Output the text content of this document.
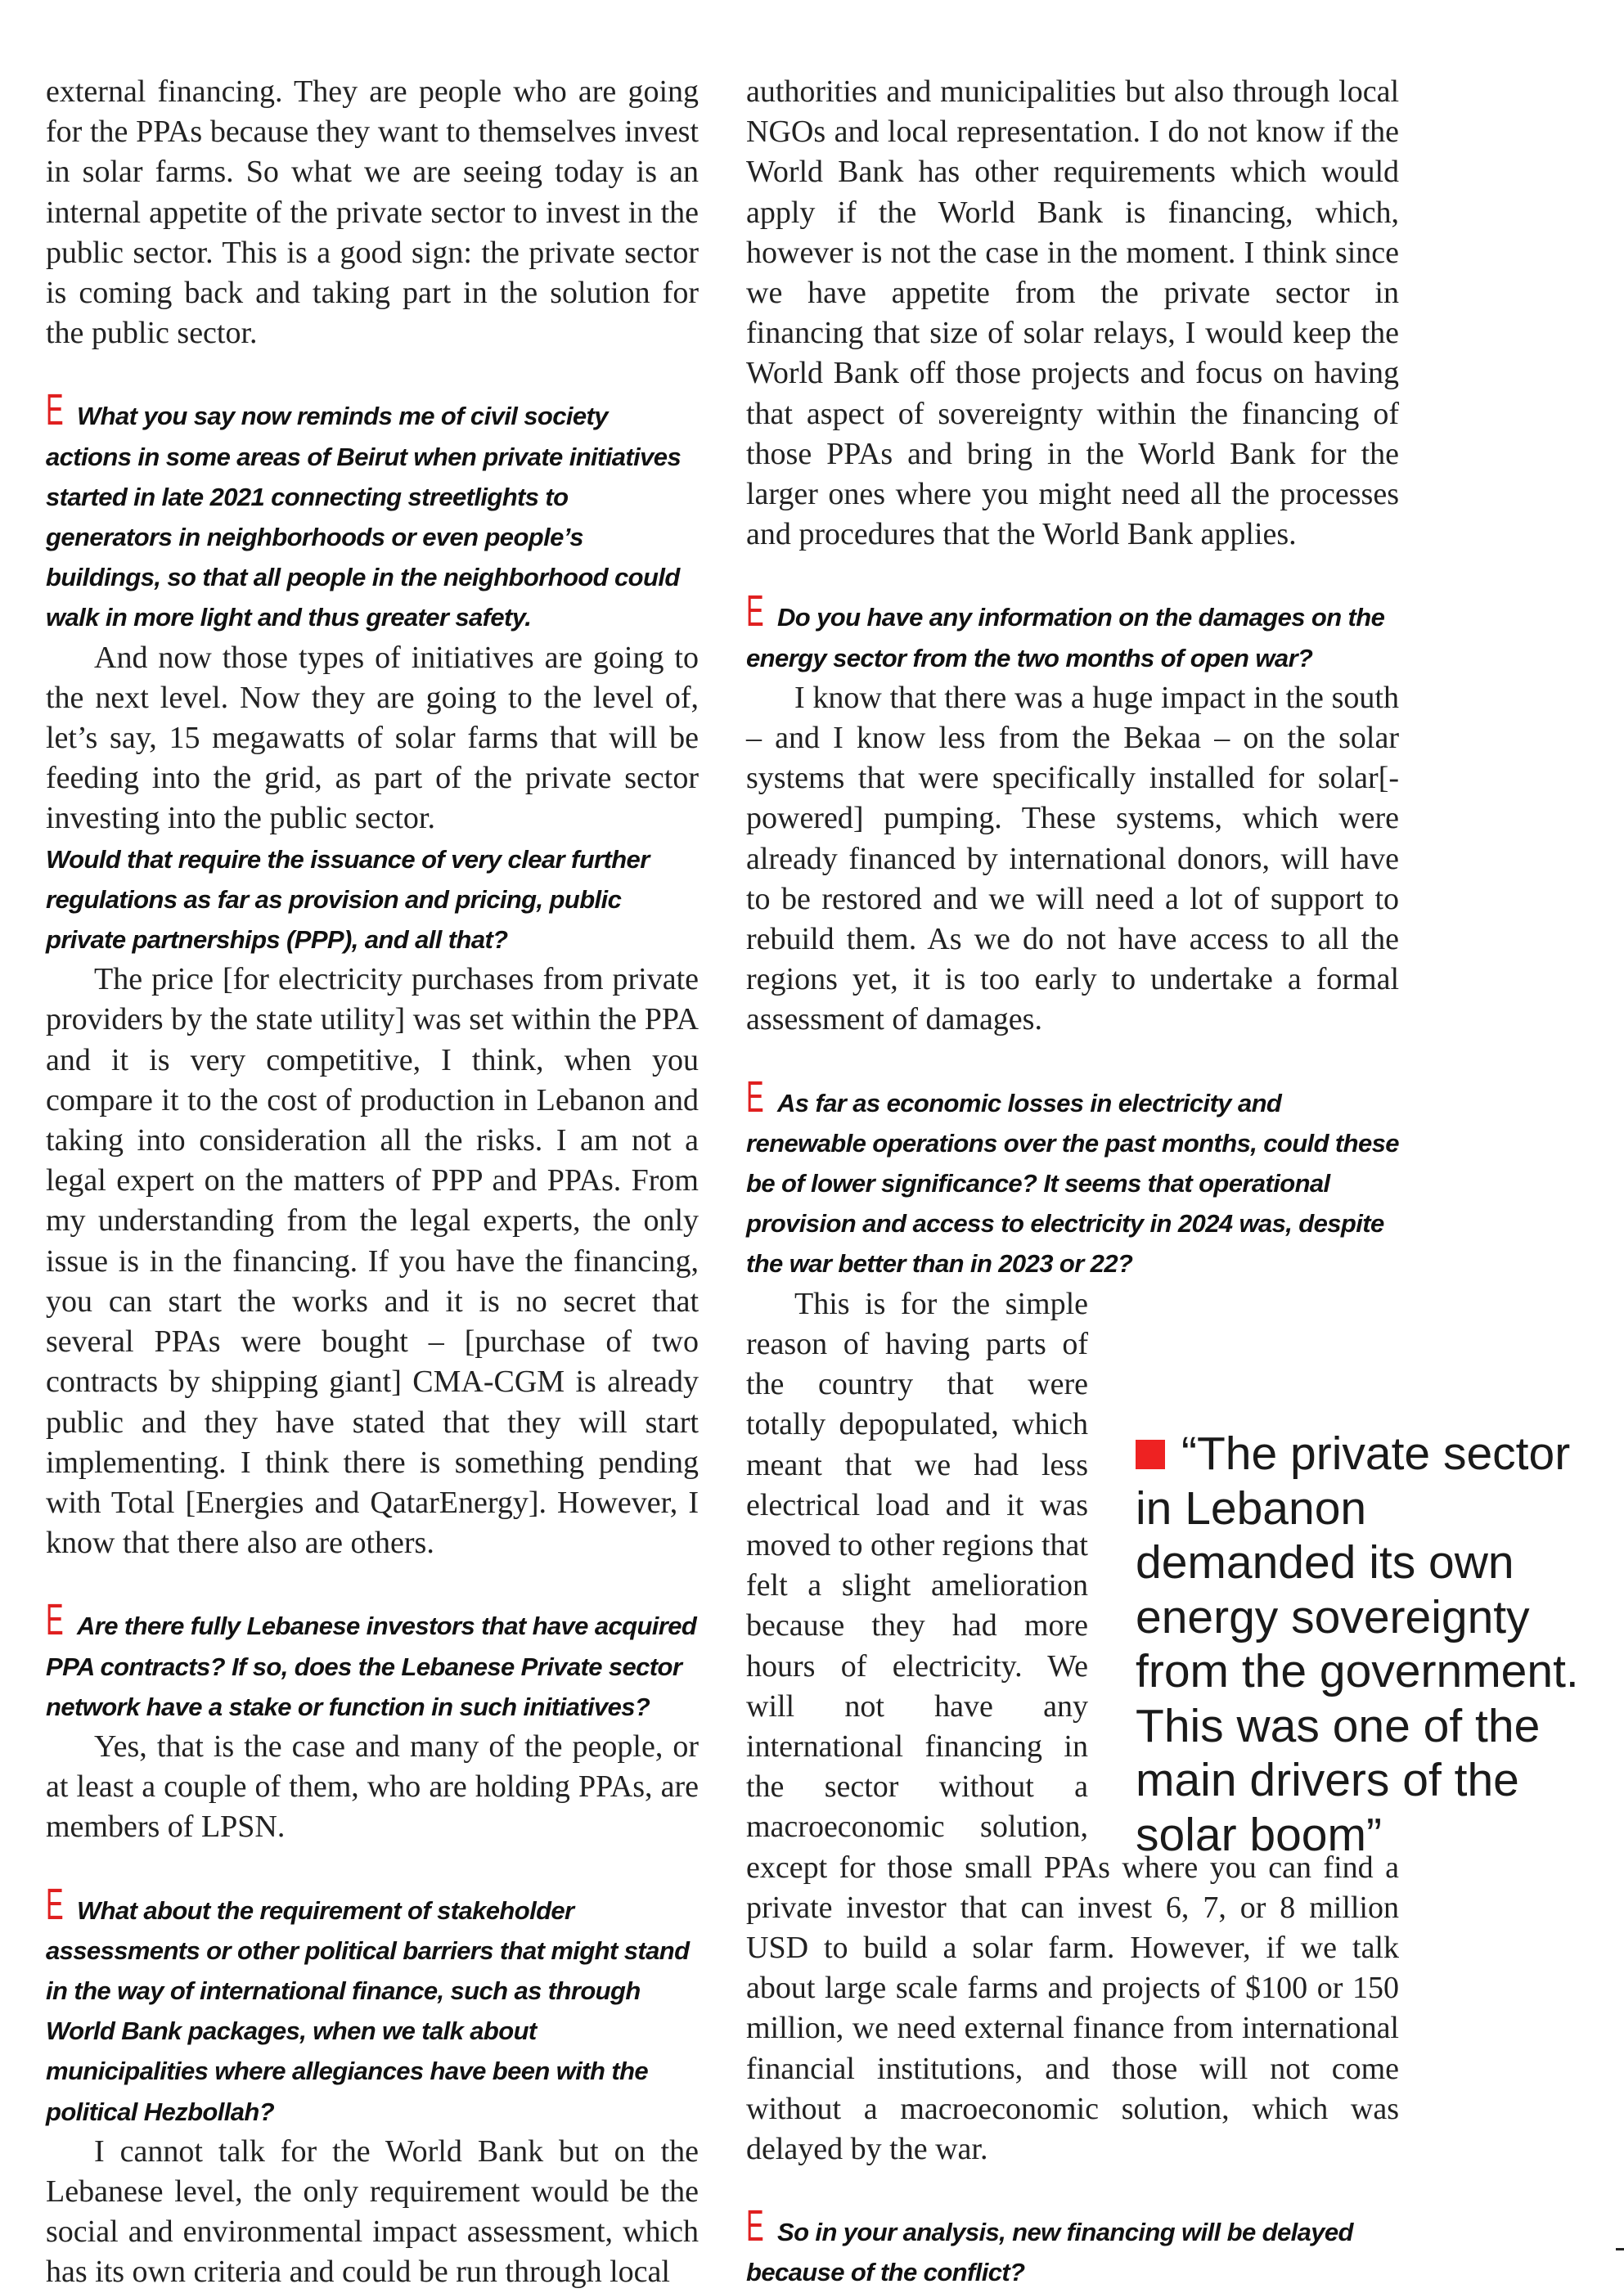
external financing. They are people who are going for the PPAs because they want to themselves invest in solar farms. So what we are seeing today is an internal appetite of the private sector to invest in the public sector. This is a good sign: the private sector is coming back and taking part in the solution for the public sector.

E What you say now reminds me of civil society actions in some areas of Beirut when private initiatives started in late 2021 connecting streetlights to generators in neighborhoods or even people’s buildings, so that all people in the neighborhood could walk in more light and thus greater safety.

And now those types of initiatives are going to the next level. Now they are going to the level of, let’s say, 15 megawatts of solar farms that will be feeding into the grid, as part of the private sector investing into the public sector.

Would that require the issuance of very clear further regulations as far as provision and pricing, public private partnerships (PPP), and all that?

The price [for electricity purchases from private providers by the state utility] was set within the PPA and it is very competitive, I think, when you compare it to the cost of production in Lebanon and taking into consideration all the risks. I am not a legal expert on the matters of PPP and PPAs. From my understanding from the legal experts, the only issue is in the financing. If you have the financing, you can start the works and it is no secret that several PPAs were bought – [purchase of two contracts by shipping giant] CMA-CGM is already public and they have stated that they will start implementing. I think there is something pending with Total [Energies and QatarEnergy]. However, I know that there also are others.

E Are there fully Lebanese investors that have acquired PPA contracts? If so, does the Lebanese Private sector network have a stake or function in such initiatives?

Yes, that is the case and many of the people, or at least a couple of them, who are holding PPAs, are members of LPSN.

E What about the requirement of stakeholder assessments or other political barriers that might stand in the way of international finance, such as through World Bank packages, when we talk about municipalities where allegiances have been with the political Hezbollah?

I cannot talk for the World Bank but on the Lebanese level, the only requirement would be the social and environmental impact assessment, which has its own criteria and could be run through local

authorities and municipalities but also through local NGOs and local representation. I do not know if the World Bank has other requirements which would apply if the World Bank is financing, which, however is not the case in the moment. I think since we have appetite from the private sector in financing that size of solar relays, I would keep the World Bank off those projects and focus on having that aspect of sovereignty within the financing of those PPAs and bring in the World Bank for the larger ones where you might need all the processes and procedures that the World Bank applies.

E Do you have any information on the damages on the energy sector from the two months of open war?

I know that there was a huge impact in the south – and I know less from the Bekaa – on the solar systems that were specifically installed for solar[-powered] pumping. These systems, which were already financed by international donors, will have to be restored and we will need a lot of support to rebuild them. As we do not have access to all the regions yet, it is too early to undertake a formal assessment of damages.

E As far as economic losses in electricity and renewable operations over the past months, could these be of lower significance? It seems that operational provision and access to electricity in 2024 was, despite the war better than in 2023 or 22?

This is for the simple reason of having parts of the country that were totally depopulated, which meant that we had less electrical load and it was moved to other regions that felt a slight amelioration because they had more hours of electricity. We will not have any international financing in the sector without a macroeconomic solution, except for those small PPAs where you can find a private investor that can invest 6, 7, or 8 million USD to build a solar farm. However, if we talk about large scale farms and projects of $100 or 150 million, we need external finance from international financial institutions, and those will not come without a macroeconomic solution, which was delayed by the war.

E So in your analysis, new financing will be delayed because of the conflict?

“The private sector in Lebanon demanded its own energy sovereignty from the government. This was one of the main drivers of the solar boom”
